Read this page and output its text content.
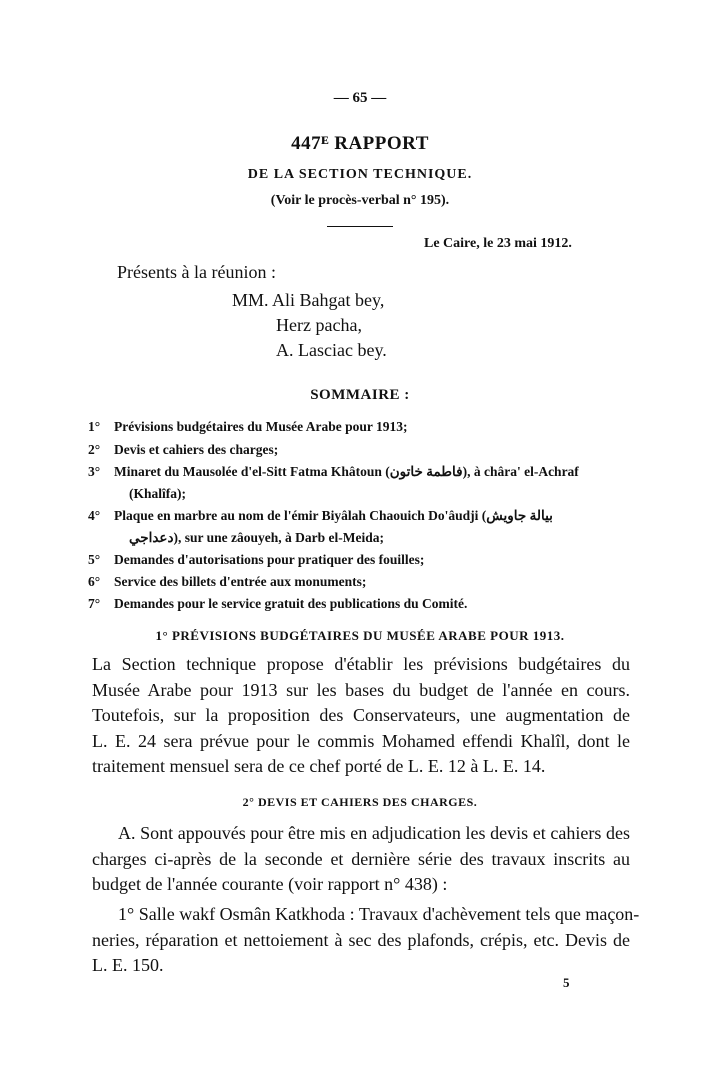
— 65 —
447ᴱ RAPPORT
DE LA SECTION TECHNIQUE.
(Voir le procès-verbal n° 195).
Le Caire, le 23 mai 1912.
Présents à la réunion :
MM. Ali Bahgat bey,
Herz pacha,
A. Lasciac bey.
SOMMAIRE :
1° Prévisions budgétaires du Musée Arabe pour 1913;
2° Devis et cahiers des charges;
3° Minaret du Mausolée d'el-Sitt Fatma Khâtoun (فاطمة خاتون), à châra' el-Achraf
(Khalîfa);
4° Plaque en marbre au nom de l'émir Biyâlah Chaouich Do'âudji (بيالة جاويش
دعداجي), sur une zâouyeh, à Darb el-Meida;
5° Demandes d'autorisations pour pratiquer des fouilles;
6° Service des billets d'entrée aux monuments;
7° Demandes pour le service gratuit des publications du Comité.
1° PRÉVISIONS BUDGÉTAIRES DU MUSÉE ARABE POUR 1913.
La Section technique propose d'établir les prévisions budgétaires du
Musée Arabe pour 1913 sur les bases du budget de l'année en cours.
Toutefois, sur la proposition des Conservateurs, une augmentation de
L. E. 24 sera prévue pour le commis Mohamed effendi Khalîl, dont le
traitement mensuel sera de ce chef porté de L. E. 12 à L. E. 14.
2° DEVIS ET CAHIERS DES CHARGES.
A. Sont appouvés pour être mis en adjudication les devis et cahiers des
charges ci-après de la seconde et dernière série des travaux inscrits au
budget de l'année courante (voir rapport n° 438) :
1° Salle wakf Osmân Katkhoda : Travaux d'achèvement tels que maçon-
neries, réparation et nettoiement à sec des plafonds, crépis, etc. Devis de
L. E. 150.
5
